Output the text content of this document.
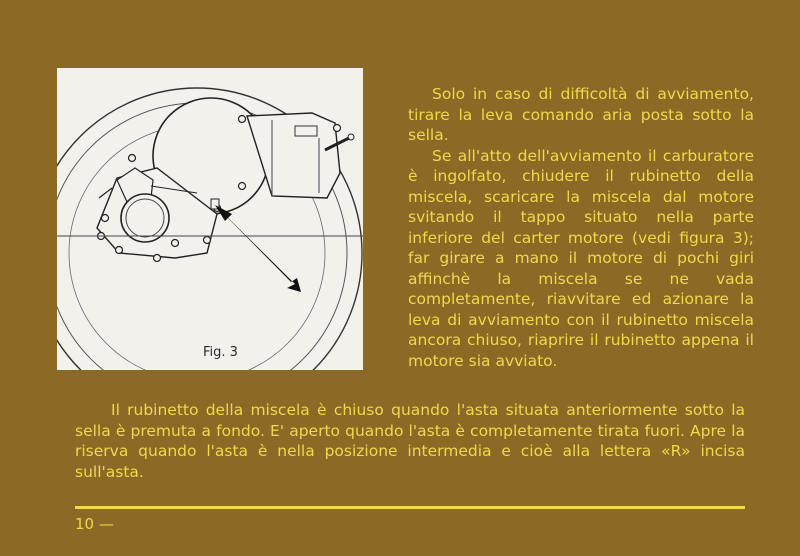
Fig. 3

Solo in caso di difficoltà di avviamento, tirare la leva comando aria posta sotto la sella.

Se all'atto dell'avviamento il carburatore è ingolfato, chiudere il rubinetto della miscela, scaricare la miscela dal motore svitando il tappo situato nella parte inferiore del carter motore (vedi figura 3); far girare a mano il motore di pochi giri affinchè la miscela se ne vada completamente, riavvitare ed azionare la leva di avviamento con il rubinetto miscela ancora chiuso, riaprire il rubinetto appena il motore sia avviato.

Il rubinetto della miscela è chiuso quando l'asta situata anteriormente sotto la sella è premuta a fondo. E' aperto quando l'asta è completamente tirata fuori. Apre la riserva quando l'asta è nella posizione intermedia e cioè alla lettera «R» incisa sull'asta.

10 —
